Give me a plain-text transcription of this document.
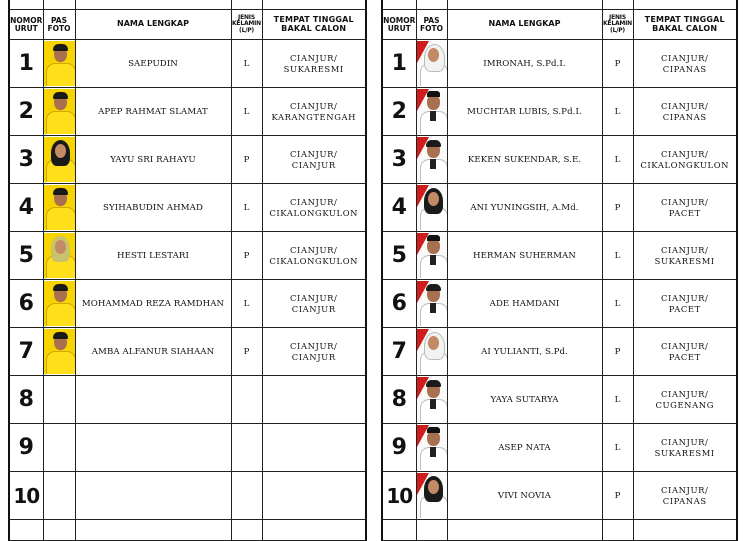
NOMOR URUT	PAS FOTO	NAMA LENGKAP	JENIS KELAMIN (L/P)	TEMPAT TINGGAL BAKAL CALON
1		SAEPUDIN	L	CIANJUR/
SUKARESMI

2		APEP RAHMAT SLAMAT	L	CIANJUR/
KARANGTENGAH

3		YAYU SRI RAHAYU	P	CIANJUR/
CIANJUR

4		SYIHABUDIN AHMAD	L	CIANJUR/
CIKALONGKULON

5		HESTI LESTARI	P	CIANJUR/
CIKALONGKULON

6		MOHAMMAD REZA RAMDHAN	L	CIANJUR/
CIANJUR

7		AMBA ALFANUR SIAHAAN	P	CIANJUR/
CIANJUR

8				
9				
10				

NOMOR URUT	PAS FOTO	NAMA LENGKAP	JENIS KELAMIN (L/P)	TEMPAT TINGGAL BAKAL CALON
1		IMRONAH, S.Pd.I.	P	CIANJUR/
CIPANAS

2		MUCHTAR LUBIS, S.Pd.I.	L	CIANJUR/
CIPANAS

3		KEKEN SUKENDAR, S.E.	L	CIANJUR/
CIKALONGKULON

4		ANI YUNINGSIH, A.Md.	P	CIANJUR/
PACET

5		HERMAN SUHERMAN	L	CIANJUR/
SUKARESMI

6		ADE HAMDANI	L	CIANJUR/
PACET

7		AI YULIANTI, S.Pd.	P	CIANJUR/
PACET

8		YAYA SUTARYA	L	CIANJUR/
CUGENANG

9		ASEP NATA	L	CIANJUR/
SUKARESMI

10		VIVI NOVIA	P	CIANJUR/
CIPANAS
